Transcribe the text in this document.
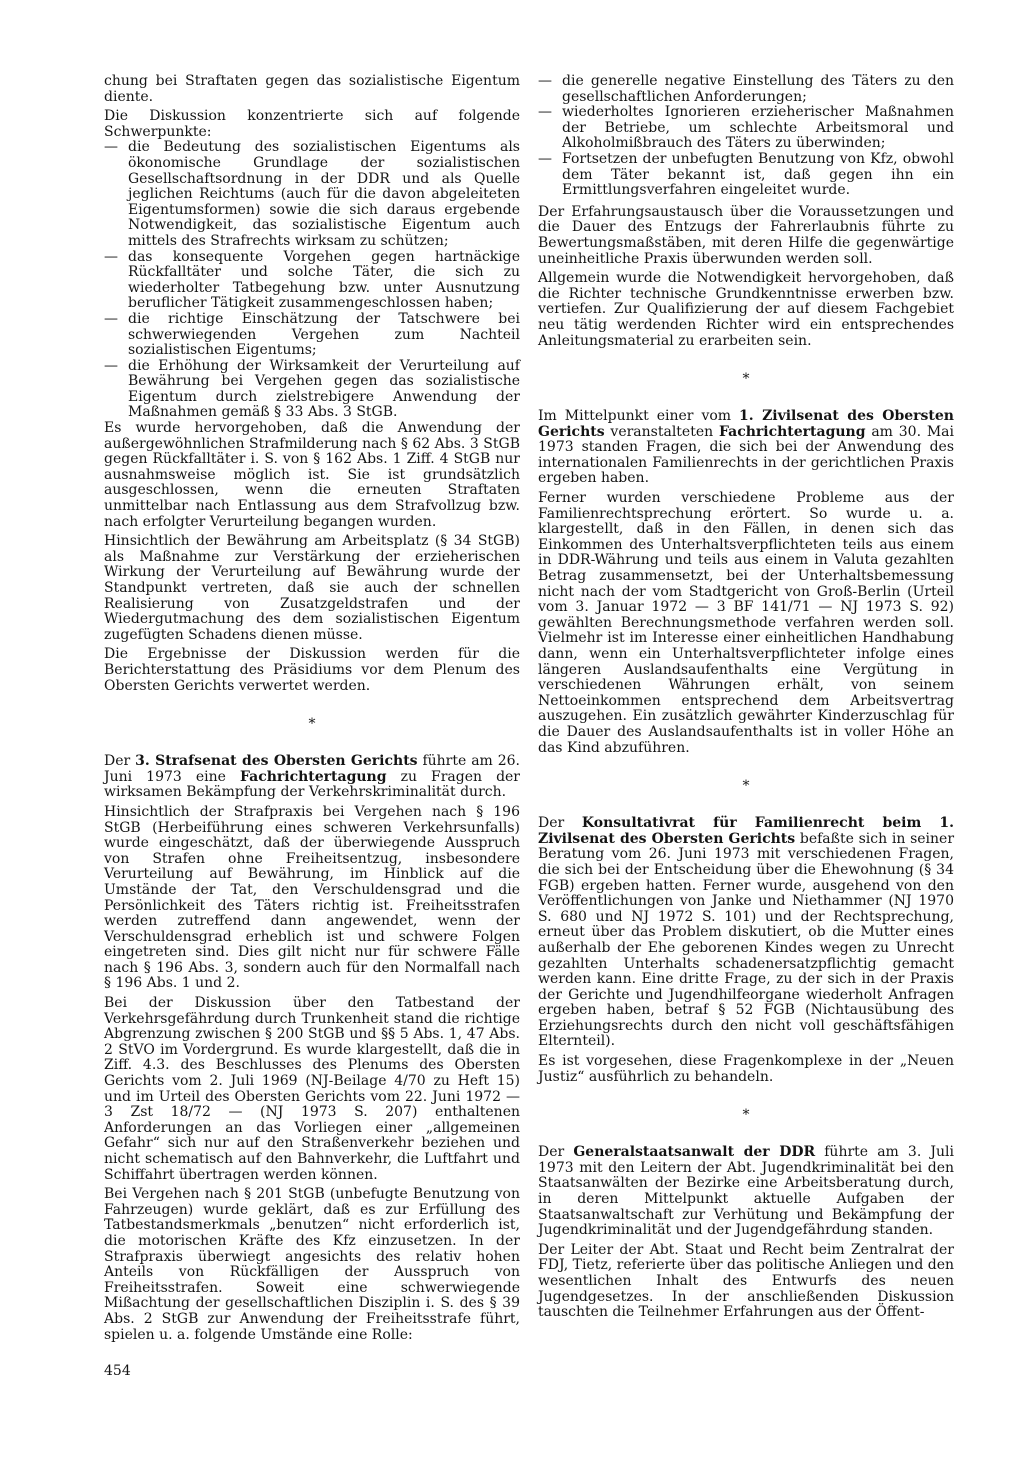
chung bei Straftaten gegen das sozialistische Eigentum diente.

Die Diskussion konzentrierte sich auf folgende Schwerpunkte:

— die Bedeutung des sozialistischen Eigentums als ökonomische Grundlage der sozialistischen Gesellschaftsordnung in der DDR und als Quelle jeglichen Reichtums (auch für die davon abgeleiteten Eigentumsformen) sowie die sich daraus ergebende Notwendigkeit, das sozialistische Eigentum auch mittels des Strafrechts wirksam zu schützen;
— das konsequente Vorgehen gegen hartnäckige Rückfalltäter und solche Täter, die sich zu wiederholter Tatbegehung bzw. unter Ausnutzung beruflicher Tätigkeit zusammengeschlossen haben;
— die richtige Einschätzung der Tatschwere bei schwerwiegenden Vergehen zum Nachteil sozialistischen Eigentums;
— die Erhöhung der Wirksamkeit der Verurteilung auf Bewährung bei Vergehen gegen das sozialistische Eigentum durch zielstrebigere Anwendung der Maßnahmen gemäß § 33 Abs. 3 StGB.

Es wurde hervorgehoben, daß die Anwendung der außergewöhnlichen Strafmilderung nach § 62 Abs. 3 StGB gegen Rückfalltäter i. S. von § 162 Abs. 1 Ziff. 4 StGB nur ausnahmsweise möglich ist. Sie ist grundsätzlich ausgeschlossen, wenn die erneuten Straftaten unmittelbar nach Entlassung aus dem Strafvollzug bzw. nach erfolgter Verurteilung begangen wurden.

Hinsichtlich der Bewährung am Arbeitsplatz (§ 34 StGB) als Maßnahme zur Verstärkung der erzieherischen Wirkung der Verurteilung auf Bewährung wurde der Standpunkt vertreten, daß sie auch der schnellen Realisierung von Zusatzgeldstrafen und der Wiedergutmachung des dem sozialistischen Eigentum zugefügten Schadens dienen müsse.

Die Ergebnisse der Diskussion werden für die Berichterstattung des Präsidiums vor dem Plenum des Obersten Gerichts verwertet werden.

*

Der 3. Strafsenat des Obersten Gerichts führte am 26. Juni 1973 eine Fachrichtertagung zu Fragen der wirksamen Bekämpfung der Verkehrskriminalität durch.

Hinsichtlich der Strafpraxis bei Vergehen nach § 196 StGB (Herbeiführung eines schweren Verkehrsunfalls) wurde eingeschätzt, daß der überwiegende Ausspruch von Strafen ohne Freiheitsentzug, insbesondere Verurteilung auf Bewährung, im Hinblick auf die Umstände der Tat, den Verschuldensgrad und die Persönlichkeit des Täters richtig ist. Freiheitsstrafen werden zutreffend dann angewendet, wenn der Verschuldensgrad erheblich ist und schwere Folgen eingetreten sind. Dies gilt nicht nur für schwere Fälle nach § 196 Abs. 3, sondern auch für den Normalfall nach § 196 Abs. 1 und 2.

Bei der Diskussion über den Tatbestand der Verkehrsgefährdung durch Trunkenheit stand die richtige Abgrenzung zwischen § 200 StGB und §§ 5 Abs. 1, 47 Abs. 2 StVO im Vordergrund. Es wurde klargestellt, daß die in Ziff. 4.3. des Beschlusses des Plenums des Obersten Gerichts vom 2. Juli 1969 (NJ-Beilage 4/70 zu Heft 15) und im Urteil des Obersten Gerichts vom 22. Juni 1972 — 3 Zst 18/72 — (NJ 1973 S. 207) enthaltenen Anforderungen an das Vorliegen einer „allgemeinen Gefahr“ sich nur auf den Straßenverkehr beziehen und nicht schematisch auf den Bahnverkehr, die Luftfahrt und Schiffahrt übertragen werden können.

Bei Vergehen nach § 201 StGB (unbefugte Benutzung von Fahrzeugen) wurde geklärt, daß es zur Erfüllung des Tatbestandsmerkmals „benutzen“ nicht erforderlich ist, die motorischen Kräfte des Kfz einzusetzen. In der Strafpraxis überwiegt angesichts des relativ hohen Anteils von Rückfälligen der Ausspruch von Freiheitsstrafen. Soweit eine schwerwiegende Mißachtung der gesellschaftlichen Disziplin i. S. des § 39 Abs. 2 StGB zur Anwendung der Freiheitsstrafe führt, spielen u. a. folgende Umstände eine Rolle:

— die generelle negative Einstellung des Täters zu den gesellschaftlichen Anforderungen;
— wiederholtes Ignorieren erzieherischer Maßnahmen der Betriebe, um schlechte Arbeitsmoral und Alkoholmißbrauch des Täters zu überwinden;
— Fortsetzen der unbefugten Benutzung von Kfz, obwohl dem Täter bekannt ist, daß gegen ihn ein Ermittlungsverfahren eingeleitet wurde.

Der Erfahrungsaustausch über die Voraussetzungen und die Dauer des Entzugs der Fahrerlaubnis führte zu Bewertungsmaßstäben, mit deren Hilfe die gegenwärtige uneinheitliche Praxis überwunden werden soll.

Allgemein wurde die Notwendigkeit hervorgehoben, daß die Richter technische Grundkenntnisse erwerben bzw. vertiefen. Zur Qualifizierung der auf diesem Fachgebiet neu tätig werdenden Richter wird ein entsprechendes Anleitungsmaterial zu erarbeiten sein.

*

Im Mittelpunkt einer vom 1. Zivilsenat des Obersten Gerichts veranstalteten Fachrichtertagung am 30. Mai 1973 standen Fragen, die sich bei der Anwendung des internationalen Familienrechts in der gerichtlichen Praxis ergeben haben.

Ferner wurden verschiedene Probleme aus der Familienrechtsprechung erörtert. So wurde u. a. klargestellt, daß in den Fällen, in denen sich das Einkommen des Unterhaltsverpflichteten teils aus einem in DDR-Währung und teils aus einem in Valuta gezahlten Betrag zusammensetzt, bei der Unterhaltsbemessung nicht nach der vom Stadtgericht von Groß-Berlin (Urteil vom 3. Januar 1972 — 3 BF 141/71 — NJ 1973 S. 92) gewählten Berechnungsmethode verfahren werden soll. Vielmehr ist im Interesse einer einheitlichen Handhabung dann, wenn ein Unterhaltsverpflichteter infolge eines längeren Auslandsaufenthalts eine Vergütung in verschiedenen Währungen erhält, von seinem Nettoeinkommen entsprechend dem Arbeitsvertrag auszugehen. Ein zusätzlich gewährter Kinderzuschlag für die Dauer des Auslandsaufenthalts ist in voller Höhe an das Kind abzuführen.

*

Der Konsultativrat für Familienrecht beim 1. Zivilsenat des Obersten Gerichts befaßte sich in seiner Beratung vom 26. Juni 1973 mit verschiedenen Fragen, die sich bei der Entscheidung über die Ehewohnung (§ 34 FGB) ergeben hatten. Ferner wurde, ausgehend von den Veröffentlichungen von Janke und Niethammer (NJ 1970 S. 680 und NJ 1972 S. 101) und der Rechtsprechung, erneut über das Problem diskutiert, ob die Mutter eines außerhalb der Ehe geborenen Kindes wegen zu Unrecht gezahlten Unterhalts schadenersatzpflichtig gemacht werden kann. Eine dritte Frage, zu der sich in der Praxis der Gerichte und Jugendhilfeorgane wiederholt Anfragen ergeben haben, betraf § 52 FGB (Nichtausübung des Erziehungsrechts durch den nicht voll geschäftsfähigen Elternteil).

Es ist vorgesehen, diese Fragenkomplexe in der „Neuen Justiz“ ausführlich zu behandeln.

*

Der Generalstaatsanwalt der DDR führte am 3. Juli 1973 mit den Leitern der Abt. Jugendkriminalität bei den Staatsanwälten der Bezirke eine Arbeitsberatung durch, in deren Mittelpunkt aktuelle Aufgaben der Staatsanwaltschaft zur Verhütung und Bekämpfung der Jugendkriminalität und der Jugendgefährdung standen.

Der Leiter der Abt. Staat und Recht beim Zentralrat der FDJ, Tietz, referierte über das politische Anliegen und den wesentlichen Inhalt des Entwurfs des neuen Jugendgesetzes. In der anschließenden Diskussion tauschten die Teilnehmer Erfahrungen aus der Öffent-

454
